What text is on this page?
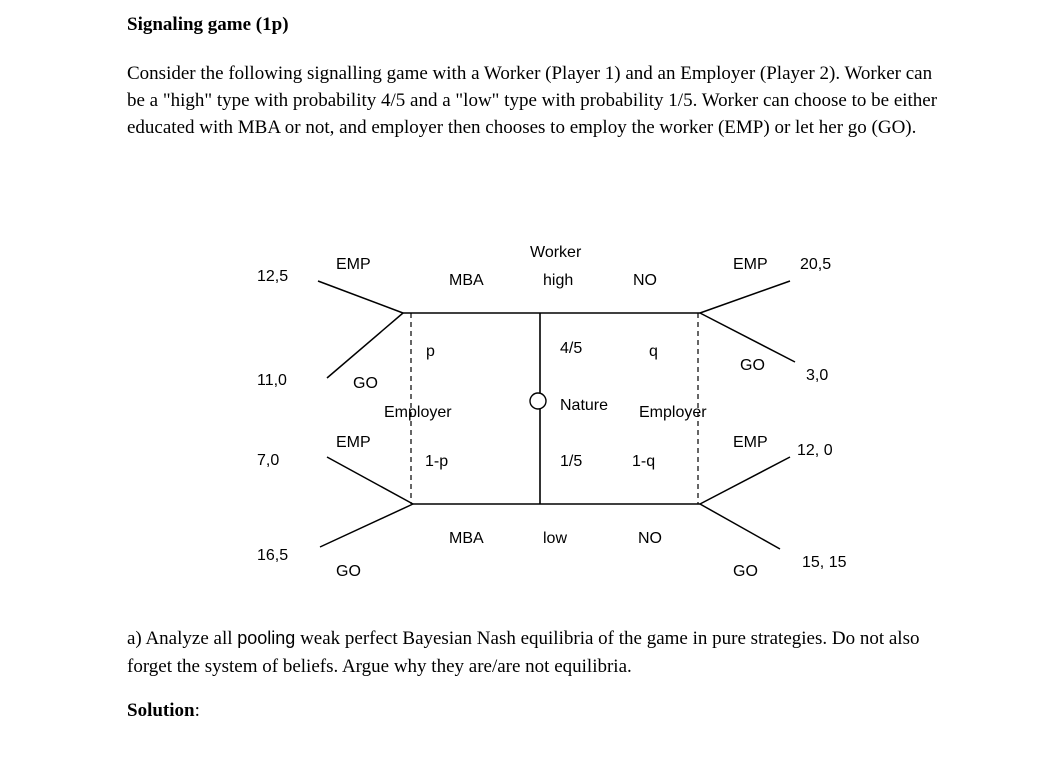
Signaling game (1p)
Consider the following signalling game with a Worker (Player 1) and an Employer (Player 2). Worker can be a "high" type with probability 4/5 and a "low" type with probability 1/5. Worker can choose to be either educated with MBA or not, and employer then chooses to employ the worker (EMP) or let her go (GO).
Worker
high
low
Nature
4/5
1/5
MBA
MBA
NO
NO
Employer	Employer
p
1-p
q
1-q
EMP
GO
EMP
GO
EMP
GO
EMP
GO
12,5
11,0
7,0
16,5
20,5
3,0
12, 0
15, 15
a) Analyze all pooling weak perfect Bayesian Nash equilibria of the game in pure strategies. Do not also forget the system of beliefs. Argue why they are/are not equilibria.
Solution:
